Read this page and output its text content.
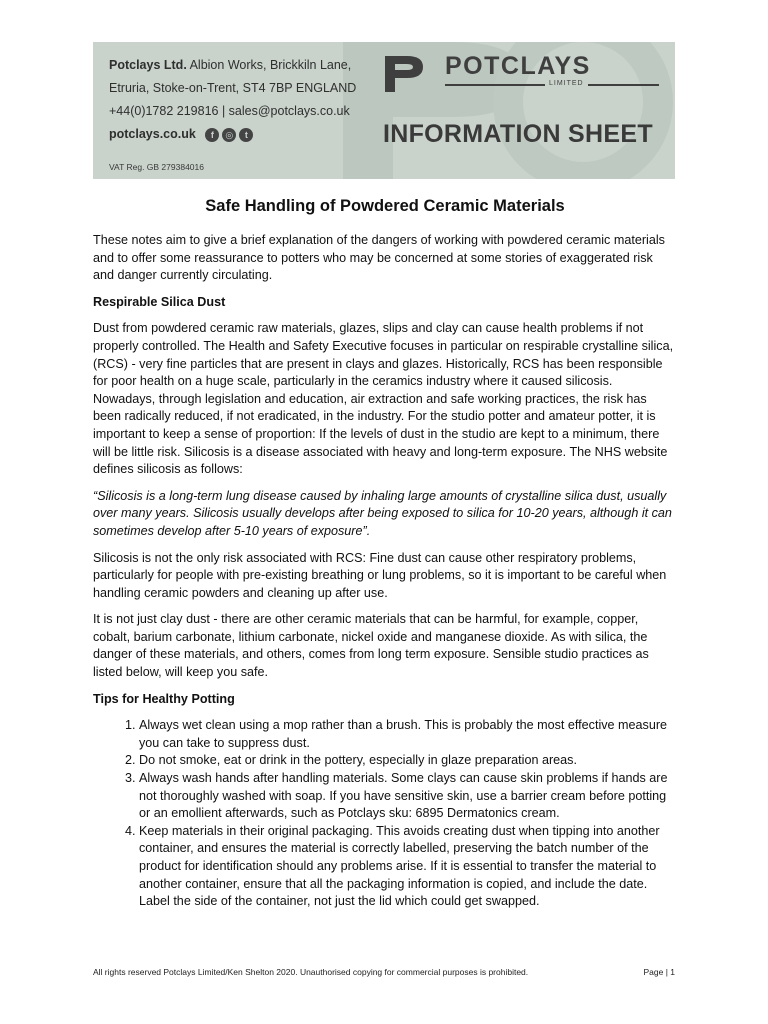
Potclays Ltd. Albion Works, Brickkiln Lane,
Etruria, Stoke-on-Trent, ST4 7BP ENGLAND
+44(0)1782 219816 | sales@potclays.co.uk
potclays.co.uk	f	◎	t
VAT Reg. GB 279384016
POTCLAYS
LIMITED
INFORMATION SHEET
Safe Handling of Powdered Ceramic Materials

These notes aim to give a brief explanation of the dangers of working with powdered ceramic materials and to offer some reassurance to potters who may be concerned at some stories of exaggerated risk and danger currently circulating.

Respirable Silica Dust

Dust from powdered ceramic raw materials, glazes, slips and clay can cause health problems if not properly controlled. The Health and Safety Executive focuses in particular on respirable crystalline silica, (RCS) - very fine particles that are present in clays and glazes. Historically, RCS has been responsible for poor health on a huge scale, particularly in the ceramics industry where it caused silicosis. Nowadays, through legislation and education, air extraction and safe working practices, the risk has been radically reduced, if not eradicated, in the industry. For the studio potter and amateur potter, it is important to keep a sense of proportion: If the levels of dust in the studio are kept to a minimum, there will be little risk. Silicosis is a disease associated with heavy and long-term exposure. The NHS website defines silicosis as follows:

“Silicosis is a long-term lung disease caused by inhaling large amounts of crystalline silica dust, usually over many years. Silicosis usually develops after being exposed to silica for 10-20 years, although it can sometimes develop after 5-10 years of exposure”.

Silicosis is not the only risk associated with RCS: Fine dust can cause other respiratory problems, particularly for people with pre-existing breathing or lung problems, so it is important to be careful when handling ceramic powders and cleaning up after use.

It is not just clay dust - there are other ceramic materials that can be harmful, for example, copper, cobalt, barium carbonate, lithium carbonate, nickel oxide and manganese dioxide. As with silica, the danger of these materials, and others, comes from long term exposure. Sensible studio practices as listed below, will keep you safe.

Tips for Healthy Potting
1. Always wet clean using a mop rather than a brush. This is probably the most effective measure you can take to suppress dust.
2. Do not smoke, eat or drink in the pottery, especially in glaze preparation areas.
3. Always wash hands after handling materials. Some clays can cause skin problems if hands are not thoroughly washed with soap. If you have sensitive skin, use a barrier cream before potting or an emollient afterwards, such as Potclays sku: 6895 Dermatonics cream.
4. Keep materials in their original packaging. This avoids creating dust when tipping into another container, and ensures the material is correctly labelled, preserving the batch number of the product for identification should any problems arise. If it is essential to transfer the material to another container, ensure that all the packaging information is copied, and include the date. Label the side of the container, not just the lid which could get swapped.
All rights reserved Potclays Limited/Ken Shelton 2020. Unauthorised copying for commercial purposes is prohibited.	Page | 1
